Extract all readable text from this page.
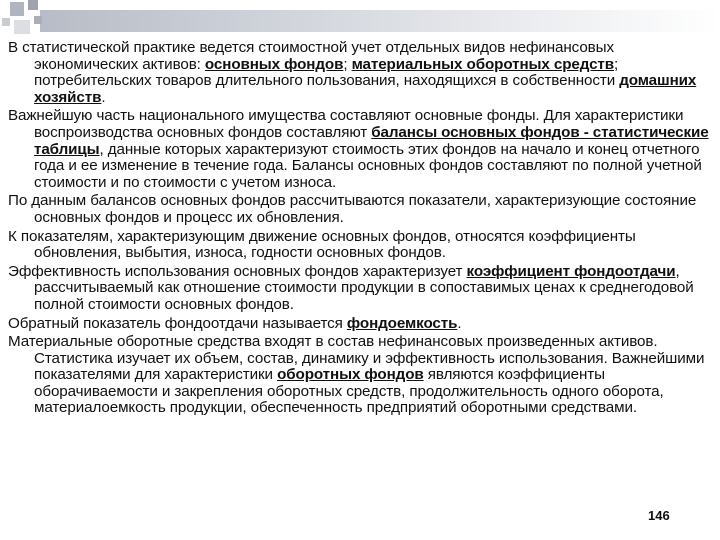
В статистической практике ведется стоимостной учет отдельных видов нефинансовых экономических активов: основных фондов; материальных оборотных средств; потребительских товаров длительного пользования, находящихся в собственности домашних хозяйств.

Важнейшую часть национального имущества составляют основные фонды. Для характеристики воспроизводства основных фондов составляют балансы основных фондов - статистические таблицы, данные которых характеризуют стоимость этих фондов на начало и конец отчетного года и ее изменение в течение года. Балансы основных фондов составляют по полной учетной стоимости и по стоимости с учетом износа.

По данным балансов основных фондов рассчитываются показатели, характеризующие состояние основных фондов и процесс их обновления.

К показателям, характеризующим движение основных фондов, относятся коэффициенты обновления, выбытия, износа, годности основных фондов.

Эффективность использования основных фондов характеризует коэффициент фондоотдачи, рассчитываемый как отношение стоимости продукции в сопоставимых ценах к среднегодовой полной стоимости основных фондов.

Обратный показатель фондоотдачи называется фондоемкость.

Материальные оборотные средства входят в состав нефинансовых произведенных активов. Статистика изучает их объем, состав, динамику и эффективность использования. Важнейшими показателями для характеристики оборотных фондов являются коэффициенты оборачиваемости и закрепления оборотных средств, продолжительность одного оборота, материалоемкость продукции, обеспеченность предприятий оборотными средствами.

146
